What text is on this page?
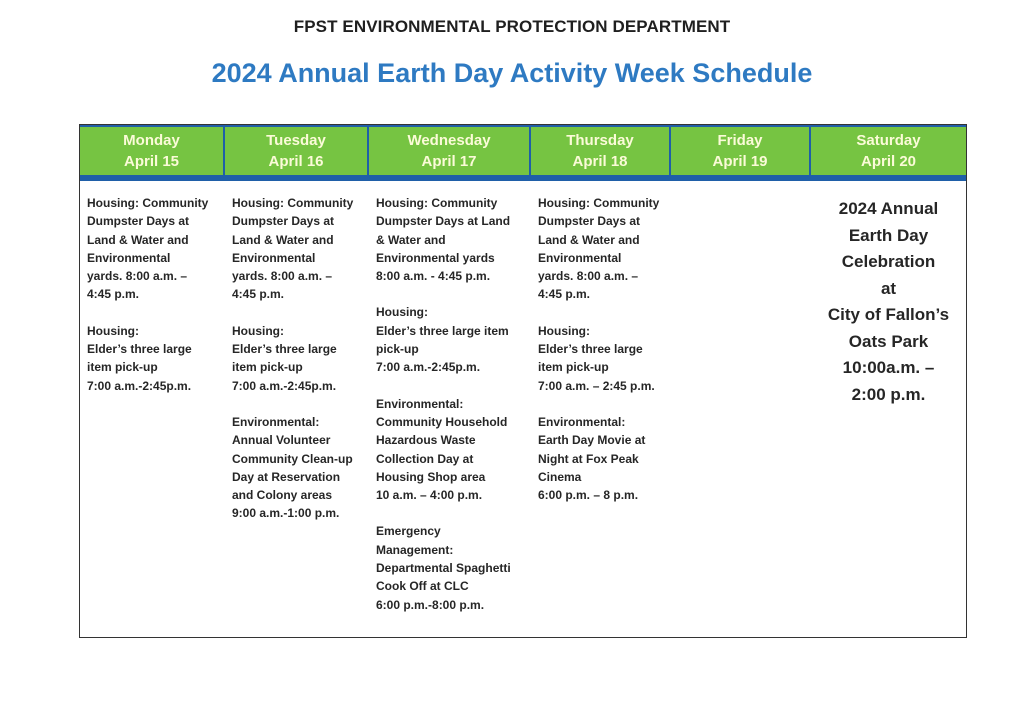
FPST ENVIRONMENTAL PROTECTION DEPARTMENT
2024 Annual Earth Day Activity Week Schedule
Monday
April 15
Tuesday
April 16
Wednesday
April 17
Thursday
April 18
Friday
April 19
Saturday
April 20
Housing: Community
Dumpster Days at
Land & Water and
Environmental
yards. 8:00 a.m. –
4:45 p.m.
Housing:
Elder’s three large
item pick-up
7:00 a.m.-2:45p.m.
Housing: Community
Dumpster Days at
Land & Water and
Environmental
yards. 8:00 a.m. –
4:45 p.m.
Housing:
Elder’s three large
item pick-up
7:00 a.m.-2:45p.m.
Environmental:
Annual Volunteer
Community Clean-up
Day at Reservation
and Colony areas
9:00 a.m.-1:00 p.m.
Housing: Community
Dumpster Days at Land
& Water and
Environmental yards
8:00 a.m. - 4:45 p.m.
Housing:
Elder’s three large item
pick-up
7:00 a.m.-2:45p.m.
Environmental:
Community Household
Hazardous Waste
Collection Day at
Housing Shop area
10 a.m. – 4:00 p.m.
Emergency
Management:
Departmental Spaghetti
Cook Off at CLC
6:00 p.m.-8:00 p.m.
Housing: Community
Dumpster Days at
Land & Water and
Environmental
yards. 8:00 a.m. –
4:45 p.m.
Housing:
Elder’s three large
item pick-up
7:00 a.m. – 2:45 p.m.
Environmental:
Earth Day Movie at
Night at Fox Peak
Cinema
6:00 p.m. – 8 p.m.
2024 Annual
Earth Day
Celebration
at
City of Fallon’s
Oats Park
10:00a.m. –
2:00 p.m.
